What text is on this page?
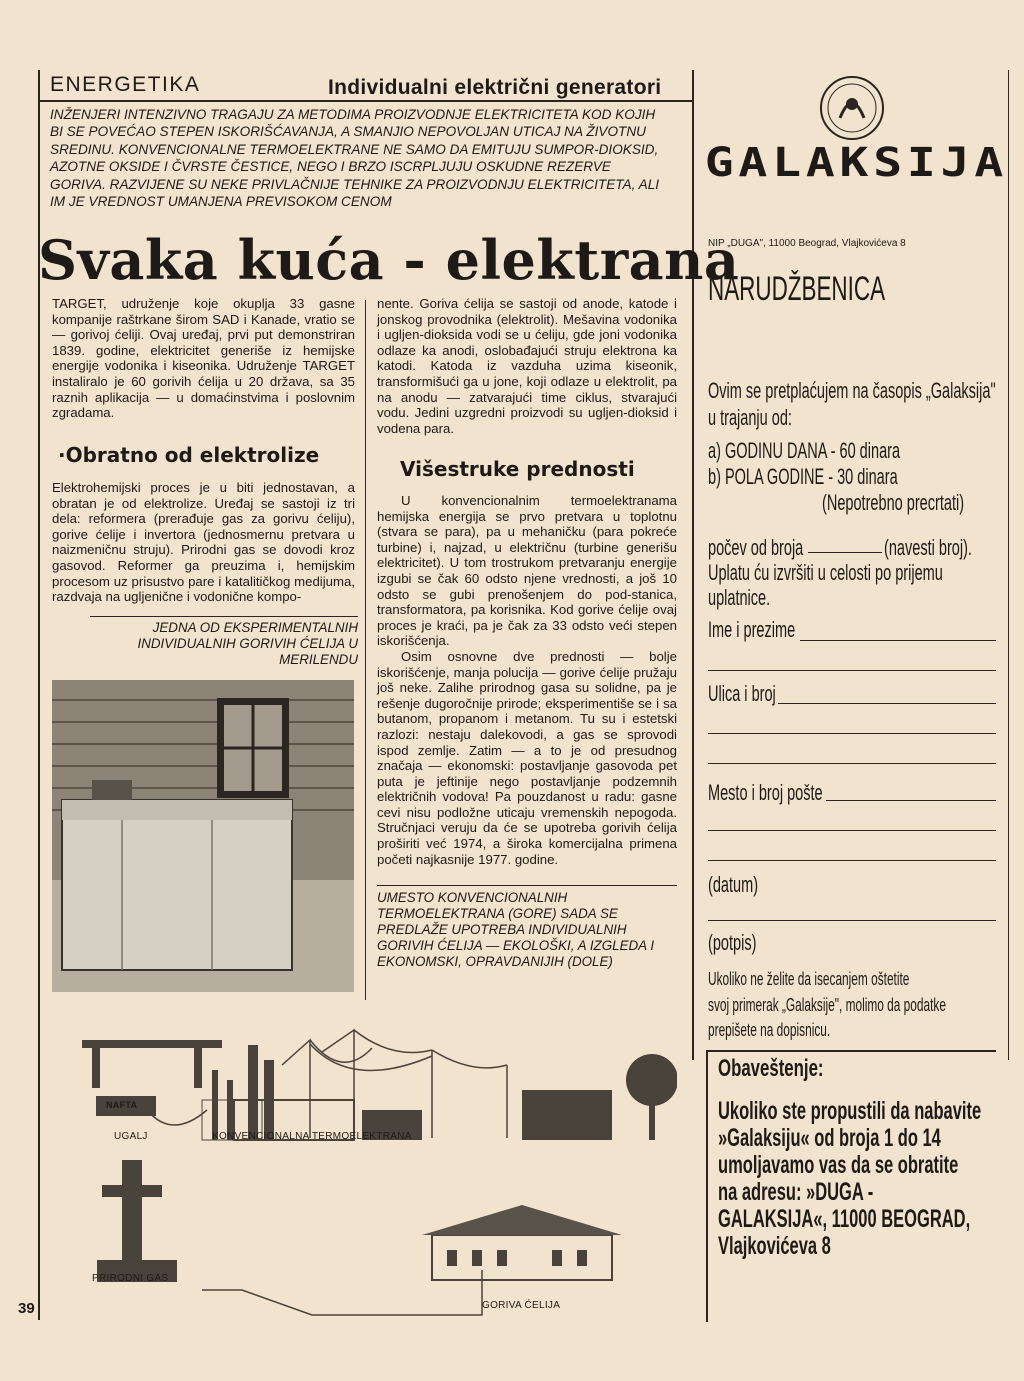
ENERGETIKA	Individualni električni generatori
INŽENJERI INTENZIVNO TRAGAJU ZA METODIMA PROIZVODNJE ELEKTRICITETA KOD KOJIH BI SE POVEĆAO STEPEN ISKORIŠĆAVANJA, A SMANJIO NEPOVOLJAN UTICAJ NA ŽIVOTNU SREDINU. KONVENCIONALNE TERMOELEKTRANE NE SAMO DA EMITUJU SUMPOR-DIOKSID, AZOTNE OKSIDE I ČVRSTE ČESTICE, NEGO I BRZO ISCRPLJUJU OSKUDNE REZERVE GORIVA. RAZVIJENE SU NEKE PRIVLAČNIJE TEHNIKE ZA PROIZVODNJU ELEKTRICITETA, ALI IM JE VREDNOST UMANJENA PREVISOKOM CENOM
Svaka kuća - elektrana
TARGET, udruženje koje okuplja 33 gasne kompanije raštrkane širom SAD i Kanade, vratio se — gorivoj ćeliji. Ovaj uređaj, prvi put demonstriran 1839. godine, elektricitet generiše iz hemijske energije vodonika i kiseonika. Udruženje TARGET instaliralo je 60 gorivih ćelija u 20 država, sa 35 raznih aplikacija — u domaćinstvima i poslovnim zgradama.
·Obratno od elektrolize
Elektrohemijski proces je u biti jednostavan, a obratan je od elektrolize. Uređaj se sastoji iz tri dela: reformera (prerađuje gas za gorivu ćeliju), gorive ćelije i invertora (jednosmernu pretvara u naizmeničnu struju). Prirodni gas se dovodi kroz gasovod. Reformer ga preuzima i, hemijskim procesom uz prisustvo pare i katalitičkog medijuma, razdvaja na ugljenične i vodonične kompo-
JEDNA OD EKSPERIMENTALNIH INDIVIDUALNIH GORIVIH ĆELIJA U MERILENDU
Višestruke prednosti
nente. Goriva ćelija se sastoji od anode, katode i jonskog provodnika (elektrolit). Mešavina vodonika i ugljen-dioksida vodi se u ćeliju, gde joni vodonika odlaze ka anodi, oslobađajući struju elektrona ka katodi. Katoda iz vazduha uzima kiseonik, transformišući ga u jone, koji odlaze u elektrolit, pa na anodu — zatvarajući time ciklus, stvarajući vodu. Jedini uzgredni proizvodi su ugljen-dioksid i vodena para.
U konvencionalnim termoelektranama hemijska energija se prvo pretvara u toplotnu (stvara se para), pa u mehaničku (para pokreće turbine) i, najzad, u električnu (turbine generišu elektricitet). U tom trostrukom pretvaranju energije izgubi se čak 60 odsto njene vrednosti, a još 10 odsto se gubi prenošenjem do pod-stanica, transformatora, pa korisnika. Kod gorive ćelije ovaj proces je kraći, pa je čak za 33 odsto veći stepen iskorišćenja.
Osim osnovne dve prednosti — bolje iskorišćenje, manja polucija — gorive ćelije pružaju još neke. Zalihe prirodnog gasa su solidne, pa je rešenje dugoročnije prirode; eksperimentiše se i sa butanom, propanom i metanom. Tu su i estetski razlozi: nestaju dalekovodi, a gas se sprovodi ispod zemlje. Zatim — a to je od presudnog značaja — ekonomski: postavljanje gasovoda pet puta je jeftinije nego postavljanje podzemnih električnih vodova! Pa pouzdanost u radu: gasne cevi nisu podložne uticaju vremenskih nepogoda. Stručnjaci veruju da će se upotreba gorivih ćelija proširiti već 1974, a široka komercijalna primena početi najkasnije 1977. godine.
UMESTO KONVENCIONALNIH TERMOELEKTRANA (GORE) SADA SE PREDLAŽE UPOTREBA INDIVIDUALNIH GORIVIH ĆELIJA — EKOLOŠKI, A IZGLEDA I EKONOMSKI, OPRAVDANIJIH (DOLE)
NAFTA
UGALJ	KONVENCIONALNA TERMOELEKTRANA
PRIRODNI GAS
GORIVA ĆELIJA
39
GALAKSIJA
NIP „DUGA", 11000 Beograd, Vlajkovićeva 8
NARUDŽBENICA
Ovim se pretplaćujem na časopis „Galaksija"
u trajanju od:
a) GODINU DANA - 60 dinara
b) POLA GODINE - 30 dinara
(Nepotrebno precrtati)
počev od broja	(navesti broj).
Uplatu ću izvršiti u celosti po prijemu
uplatnice.
Ime i prezime
Ulica i broj
Mesto i broj pošte
(datum)
(potpis)
Ukoliko ne želite da isecanjem oštetite
svoj primerak „Galaksije", molimo da podatke
prepišete na dopisnicu.
Obaveštenje:
Ukoliko ste propustili da nabavite »Galaksiju« od broja 1 do 14 umoljavamo vas da se obratite na adresu: »DUGA - GALAKSIJA«, 11000 BEOGRAD, Vlajkovićeva 8
